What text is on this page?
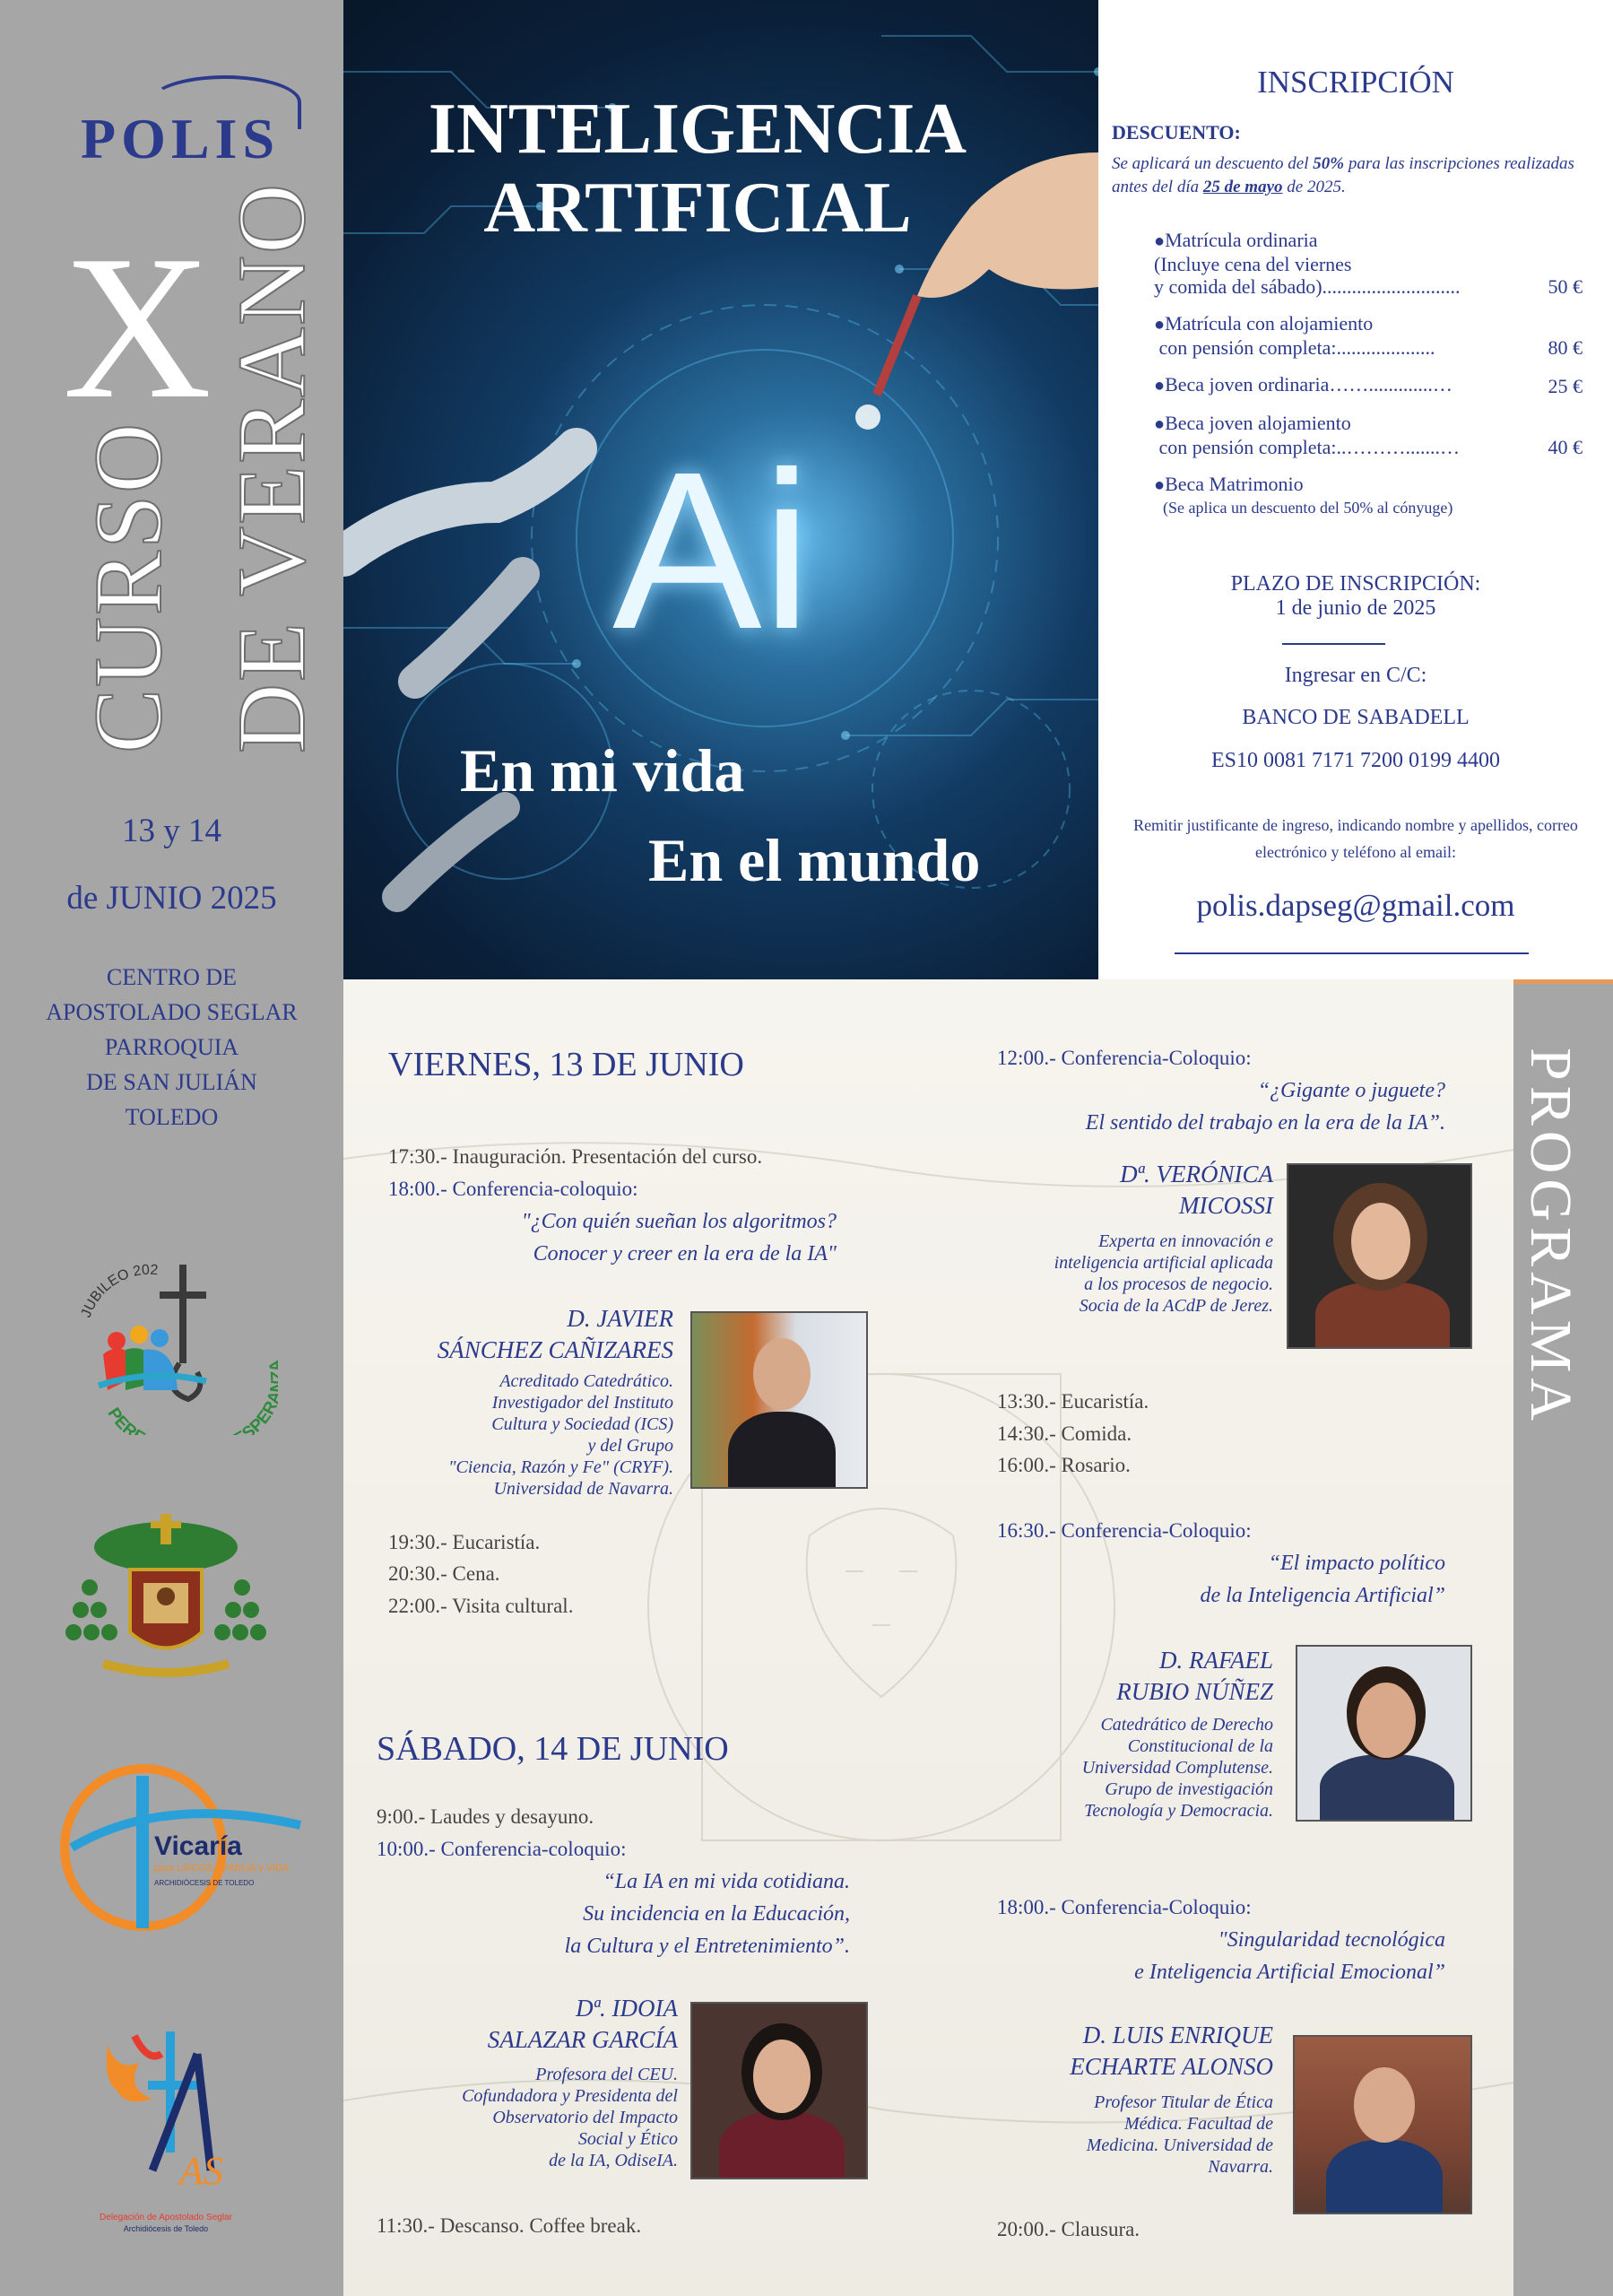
POLIS
X
CURSO DE VERANO
13 y 14
de JUNIO 2025
CENTRO DE
APOSTOLADO SEGLAR
PARROQUIA
DE SAN JULIÁN
TOLEDO
JUBILEO 202
PER SPE
Vicaría
para LAICOS, FAMILIA y VIDA
ARCHIDIÓCESIS DE TOLEDO
AS
Delegación de Apostolado Seglar
Archidiócesis de Toledo
INTELIGENCIA
ARTIFICIAL
Ai
En mi vida
En el mundo
INSCRIPCIÓN
DESCUENTO:
Se aplicará un descuento del 50% para las inscripciones realizadas antes del día 25 de mayo de 2025.
●Matrícula ordinaria
(Incluye cena del viernes
y comida del sábado)............................	50 €
●Matrícula con alojamiento
con pensión completa:....................	80 €
●Beca joven ordinaria…….............…	25 €
●Beca joven alojamiento
con pensión completa:..……….......…	40 €
●Beca Matrimonio
(Se aplica un descuento del 50% al cónyuge)
PLAZO DE INSCRIPCIÓN:
1 de junio de 2025
Ingresar en C/C:
BANCO DE SABADELL
ES10 0081 7171 7200 0199 4400
Remitir justificante de ingreso, indicando nombre y apellidos, correo electrónico y teléfono al email:
polis.dapseg@gmail.com
PROGRAMA
VIERNES, 13 DE JUNIO
17:30.- Inauguración. Presentación del curso.
18:00.- Conferencia-coloquio:
"¿Con quién sueñan los algoritmos?
Conocer y creer en la era de la IA"
D. JAVIER
SÁNCHEZ CAÑIZARES
Acreditado Catedrático.
Investigador del Instituto
Cultura y Sociedad (ICS)
y del Grupo
"Ciencia, Razón y Fe" (CRYF).
Universidad de Navarra.
19:30.- Eucaristía.
20:30.- Cena.
22:00.- Visita cultural.
SÁBADO, 14 DE JUNIO
9:00.- Laudes y desayuno.
10:00.- Conferencia-coloquio:
“La IA en mi vida cotidiana.
Su incidencia en la Educación,
la Cultura y el Entretenimiento”.
Dª. IDOIA
SALAZAR GARCÍA
Profesora del CEU.
Cofundadora y Presidenta del
Observatorio del Impacto
Social y Ético
de la IA, OdiseIA.
11:30.- Descanso. Coffee break.
12:00.- Conferencia-Coloquio:
“¿Gigante o juguete?
El sentido del trabajo en la era de la IA”.
Dª. VERÓNICA
MICOSSI
Experta en innovación e
inteligencia artificial aplicada
a los procesos de negocio.
Socia de la ACdP de Jerez.
13:30.- Eucaristía.
14:30.- Comida.
16:00.- Rosario.
16:30.- Conferencia-Coloquio:
“El impacto político
de la Inteligencia Artificial”
D. RAFAEL
RUBIO NÚÑEZ
Catedrático de Derecho
Constitucional de la
Universidad Complutense.
Grupo de investigación
Tecnología y Democracia.
18:00.- Conferencia-Coloquio:
"Singularidad tecnológica
e Inteligencia Artificial Emocional”
D. LUIS ENRIQUE
ECHARTE ALONSO
Profesor Titular de Ética
Médica. Facultad de
Medicina. Universidad de
Navarra.
20:00.- Clausura.
